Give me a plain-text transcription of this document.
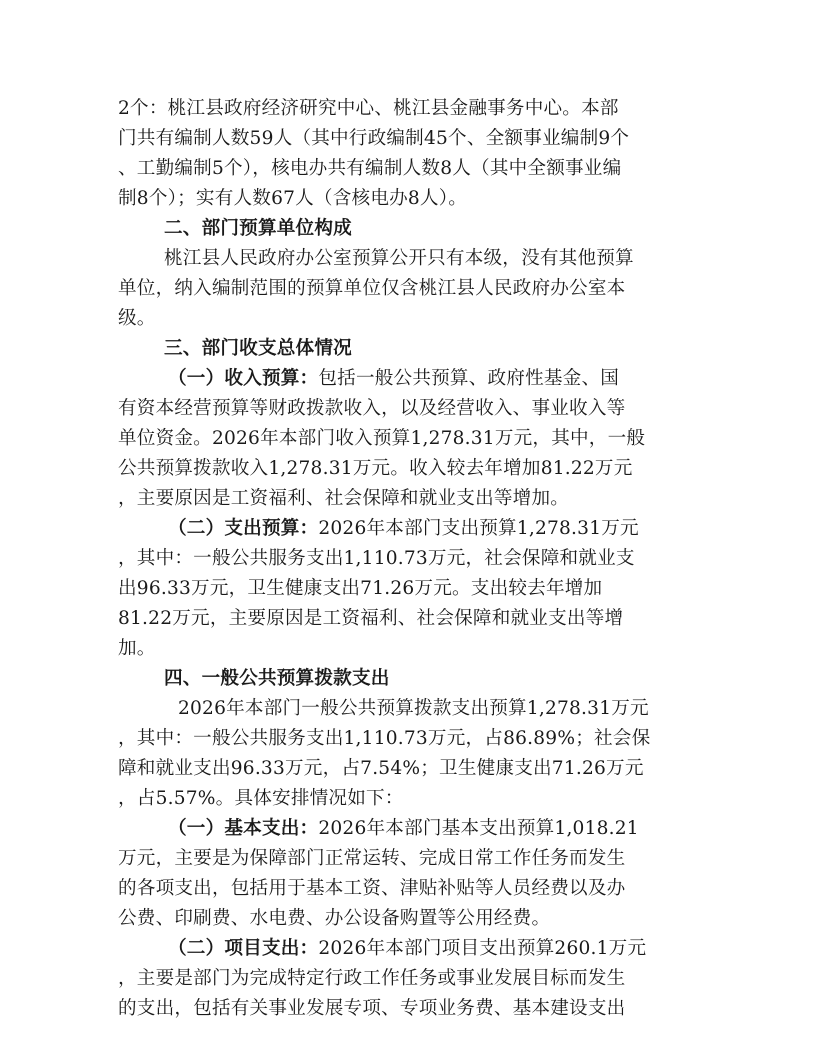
2个：桃江县政府经济研究中心、桃江县金融事务中心。本部
门共有编制人数59人（其中行政编制45个、全额事业编制9个
、工勤编制5个），核电办共有编制人数8人（其中全额事业编
制8个）；实有人数67人（含核电办8人）。
二、部门预算单位构成
桃江县人民政府办公室预算公开只有本级，没有其他预算
单位，纳入编制范围的预算单位仅含桃江县人民政府办公室本
级。
三、部门收支总体情况
（一）收入预算：包括一般公共预算、政府性基金、国
有资本经营预算等财政拨款收入，以及经营收入、事业收入等
单位资金。2026年本部门收入预算1,278.31万元，其中，一般
公共预算拨款收入1,278.31万元。收入较去年增加81.22万元
，主要原因是工资福利、社会保障和就业支出等增加。
（二）支出预算：2026年本部门支出预算1,278.31万元
，其中：一般公共服务支出1,110.73万元，社会保障和就业支
出96.33万元，卫生健康支出71.26万元。支出较去年增加
81.22万元，主要原因是工资福利、社会保障和就业支出等增
加。
四、一般公共预算拨款支出
2026年本部门一般公共预算拨款支出预算1,278.31万元
，其中：一般公共服务支出1,110.73万元，占86.89%；社会保
障和就业支出96.33万元，占7.54%；卫生健康支出71.26万元
，占5.57%。具体安排情况如下：
（一）基本支出：2026年本部门基本支出预算1,018.21
万元，主要是为保障部门正常运转、完成日常工作任务而发生
的各项支出，包括用于基本工资、津贴补贴等人员经费以及办
公费、印刷费、水电费、办公设备购置等公用经费。
（二）项目支出：2026年本部门项目支出预算260.1万元
，主要是部门为完成特定行政工作任务或事业发展目标而发生
的支出，包括有关事业发展专项、专项业务费、基本建设支出
